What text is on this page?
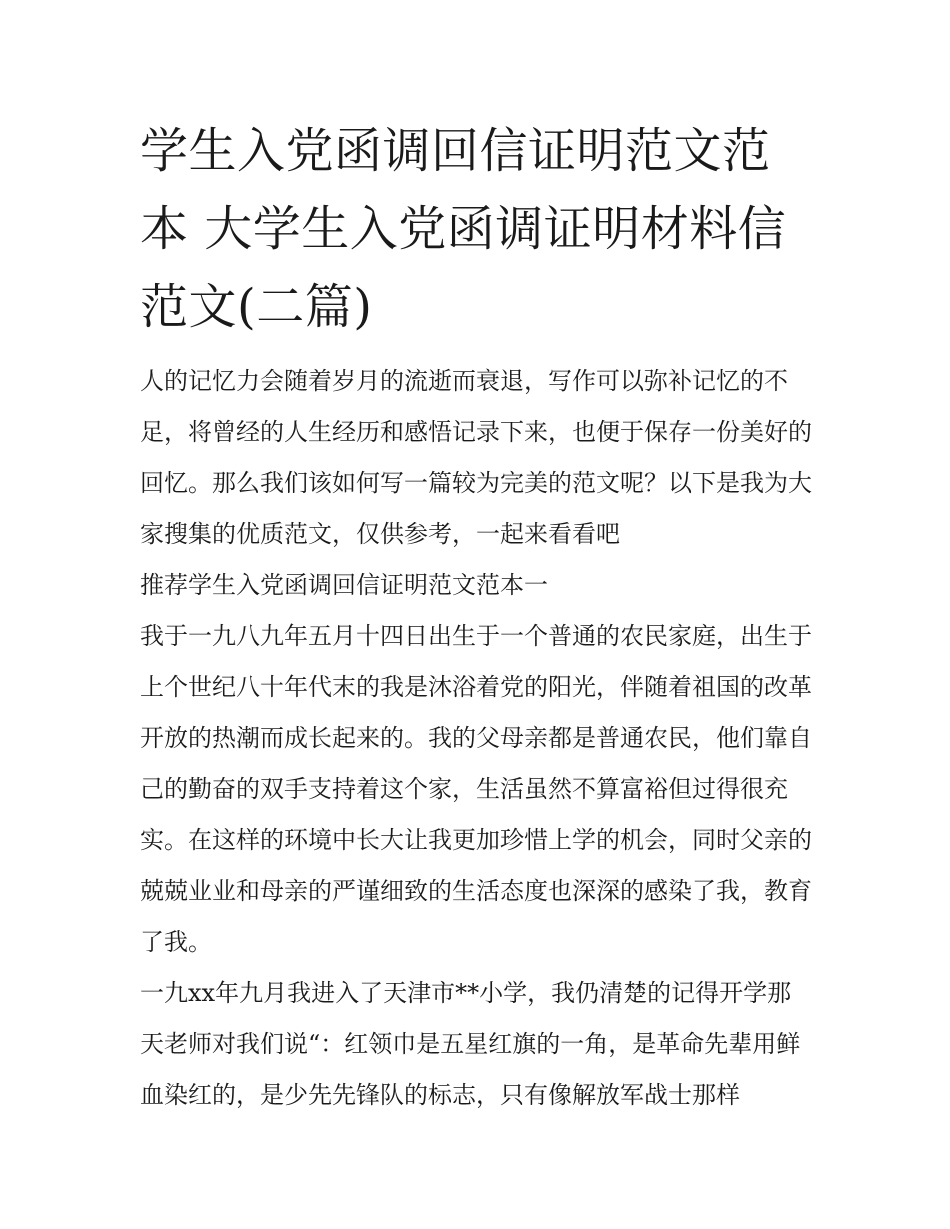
学生入党函调回信证明范文范本 大学生入党函调证明材料信范文(二篇)

人的记忆力会随着岁月的流逝而衰退，写作可以弥补记忆的不足，将曾经的人生经历和感悟记录下来，也便于保存一份美好的回忆。那么我们该如何写一篇较为完美的范文呢？以下是我为大家搜集的优质范文，仅供参考，一起来看看吧

推荐学生入党函调回信证明范文范本一

我于一九八九年五月十四日出生于一个普通的农民家庭，出生于上个世纪八十年代末的我是沐浴着党的阳光，伴随着祖国的改革开放的热潮而成长起来的。我的父母亲都是普通农民，他们靠自己的勤奋的双手支持着这个家，生活虽然不算富裕但过得很充实。在这样的环境中长大让我更加珍惜上学的机会，同时父亲的兢兢业业和母亲的严谨细致的生活态度也深深的感染了我，教育了我。

一九xx年九月我进入了天津市**小学，我仍清楚的记得开学那天老师对我们说“：红领巾是五星红旗的一角，是革命先辈用鲜血染红的，是少先先锋队的标志，只有像解放军战士那样
